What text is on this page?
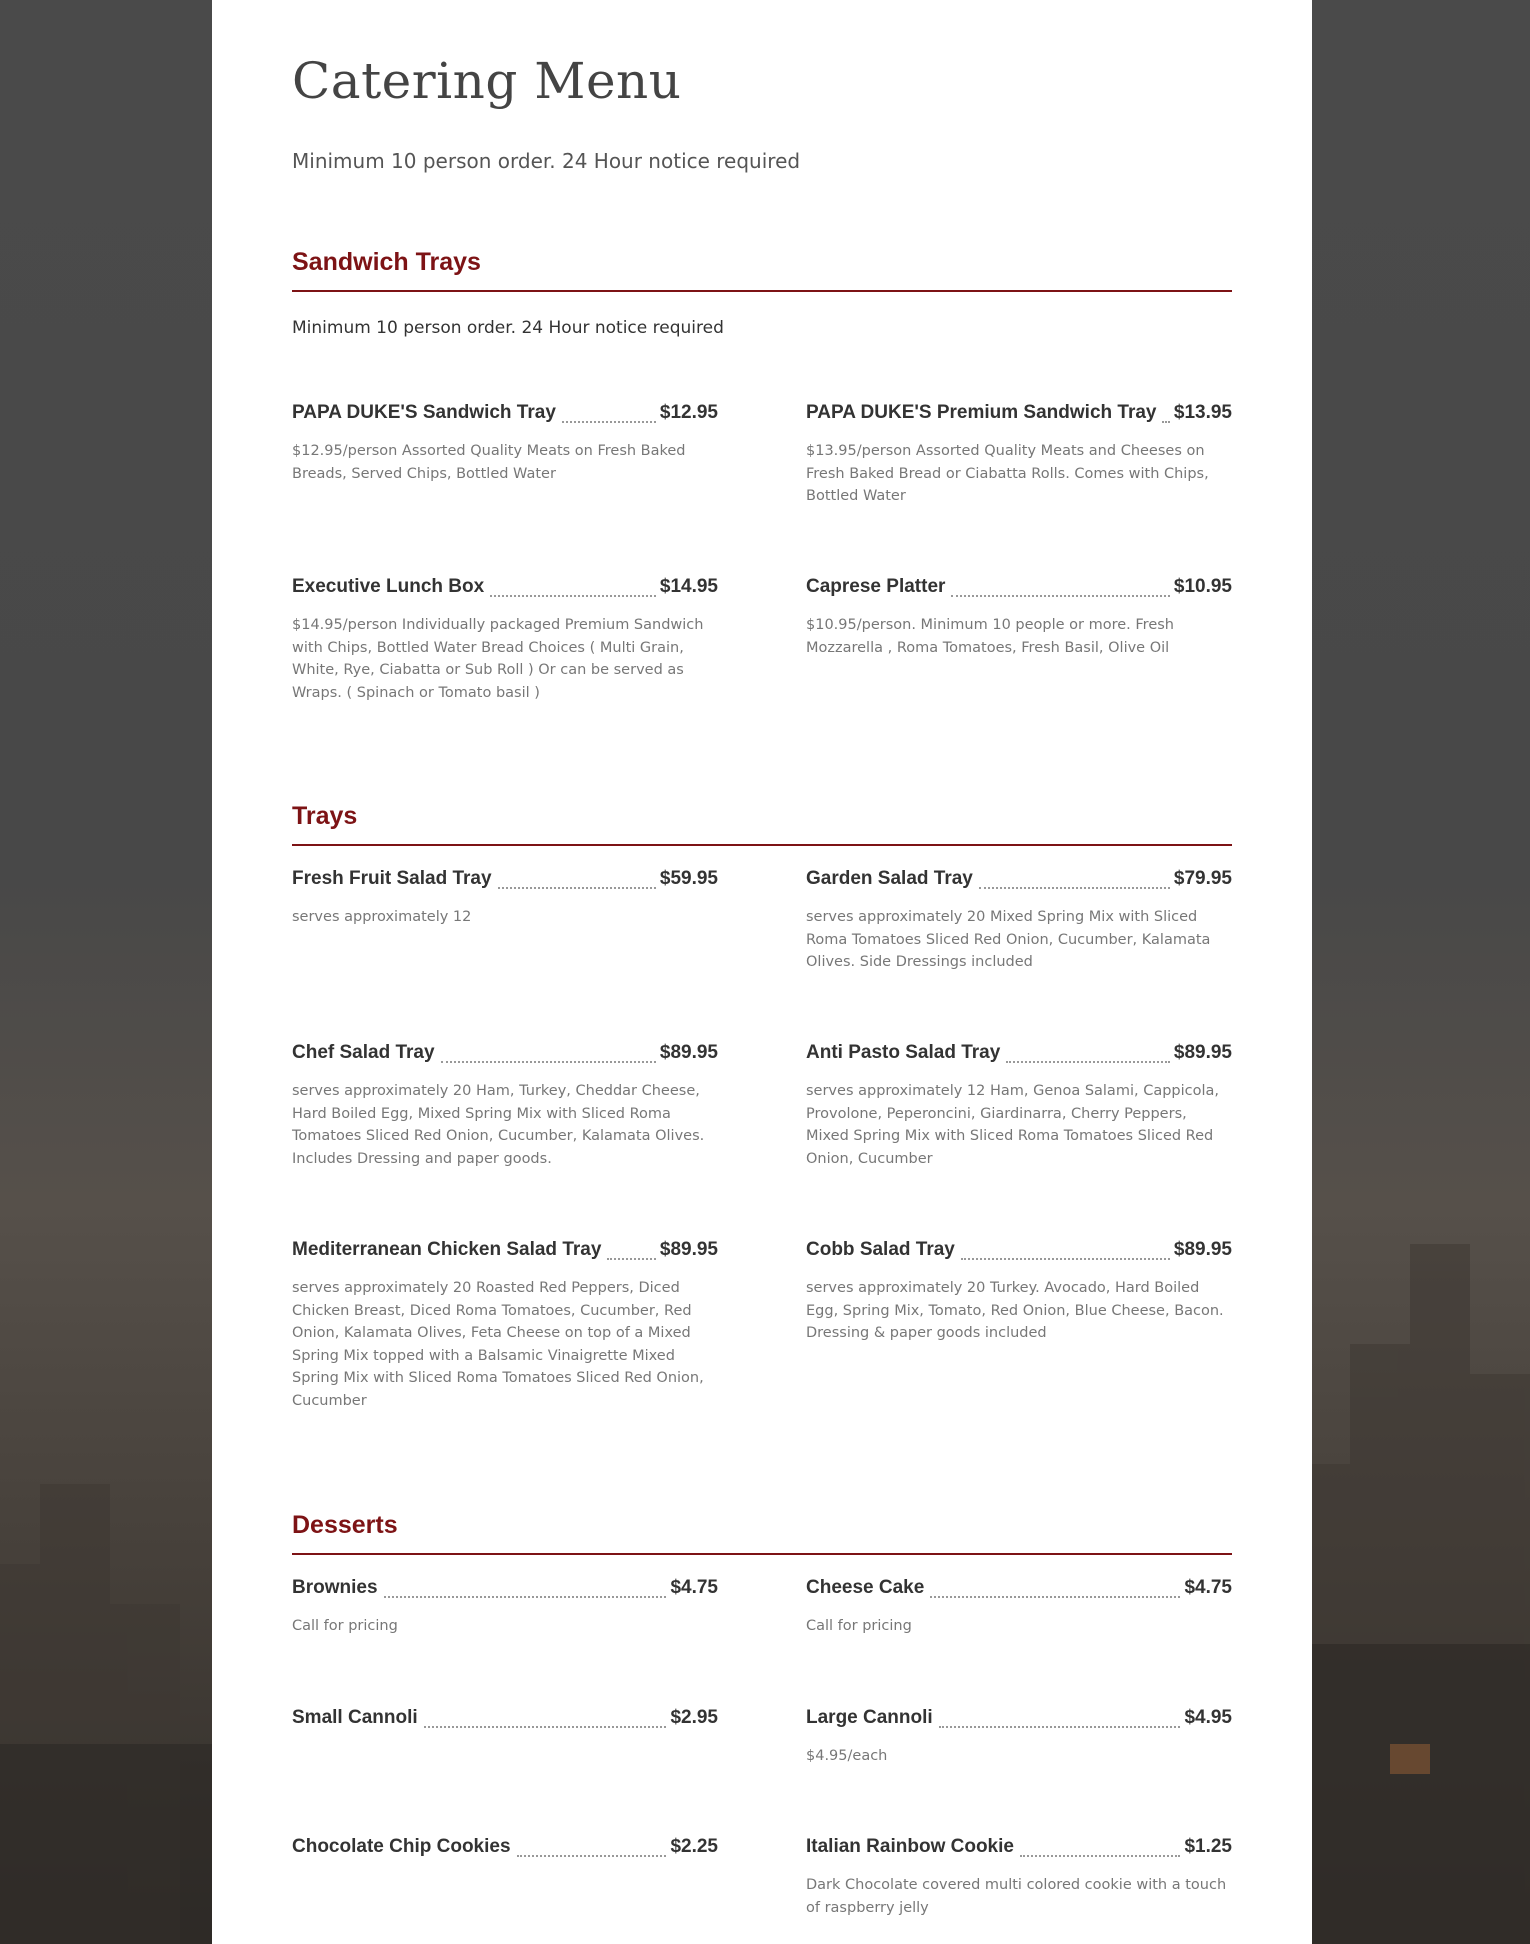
Catering Menu
Minimum 10 person order. 24 Hour notice required
Sandwich Trays
Minimum 10 person order. 24 Hour notice required
PAPA DUKE'S Sandwich Tray	$12.95
$12.95/person Assorted Quality Meats on Fresh Baked Breads, Served Chips, Bottled Water
PAPA DUKE'S Premium Sandwich Tray $13.95
$13.95/person Assorted Quality Meats and Cheeses on Fresh Baked Bread or Ciabatta Rolls. Comes with Chips, Bottled Water
Executive Lunch Box	$14.95
$14.95/person Individually packaged Premium Sandwich with Chips, Bottled Water Bread Choices ( Multi Grain, White, Rye, Ciabatta or Sub Roll ) Or can be served as Wraps. ( Spinach or Tomato basil )
Caprese Platter	$10.95
$10.95/person. Minimum 10 people or more. Fresh Mozzarella , Roma Tomatoes, Fresh Basil, Olive Oil
Trays
Fresh Fruit Salad Tray	$59.95
serves approximately 12
Garden Salad Tray	$79.95
serves approximately 20 Mixed Spring Mix with Sliced Roma Tomatoes Sliced Red Onion, Cucumber, Kalamata Olives. Side Dressings included
Chef Salad Tray	$89.95
serves approximately 20 Ham, Turkey, Cheddar Cheese, Hard Boiled Egg, Mixed Spring Mix with Sliced Roma Tomatoes Sliced Red Onion, Cucumber, Kalamata Olives. Includes Dressing and paper goods.
Anti Pasto Salad Tray	$89.95
serves approximately 12 Ham, Genoa Salami, Cappicola, Provolone, Peperoncini, Giardinarra, Cherry Peppers, Mixed Spring Mix with Sliced Roma Tomatoes Sliced Red Onion, Cucumber
Mediterranean Chicken Salad Tray	$89.95
serves approximately 20 Roasted Red Peppers, Diced Chicken Breast, Diced Roma Tomatoes, Cucumber, Red Onion, Kalamata Olives, Feta Cheese on top of a Mixed Spring Mix topped with a Balsamic Vinaigrette Mixed Spring Mix with Sliced Roma Tomatoes Sliced Red Onion, Cucumber
Cobb Salad Tray	$89.95
serves approximately 20 Turkey. Avocado, Hard Boiled Egg, Spring Mix, Tomato, Red Onion, Blue Cheese, Bacon. Dressing & paper goods included
Desserts
Brownies	$4.75
Call for pricing
Cheese Cake	$4.75
Call for pricing
Small Cannoli	$2.95	Large Cannoli	$4.95
$4.95/each
Chocolate Chip Cookies	$2.25	Italian Rainbow Cookie	$1.25
Dark Chocolate covered multi colored cookie with a touch of raspberry jelly
